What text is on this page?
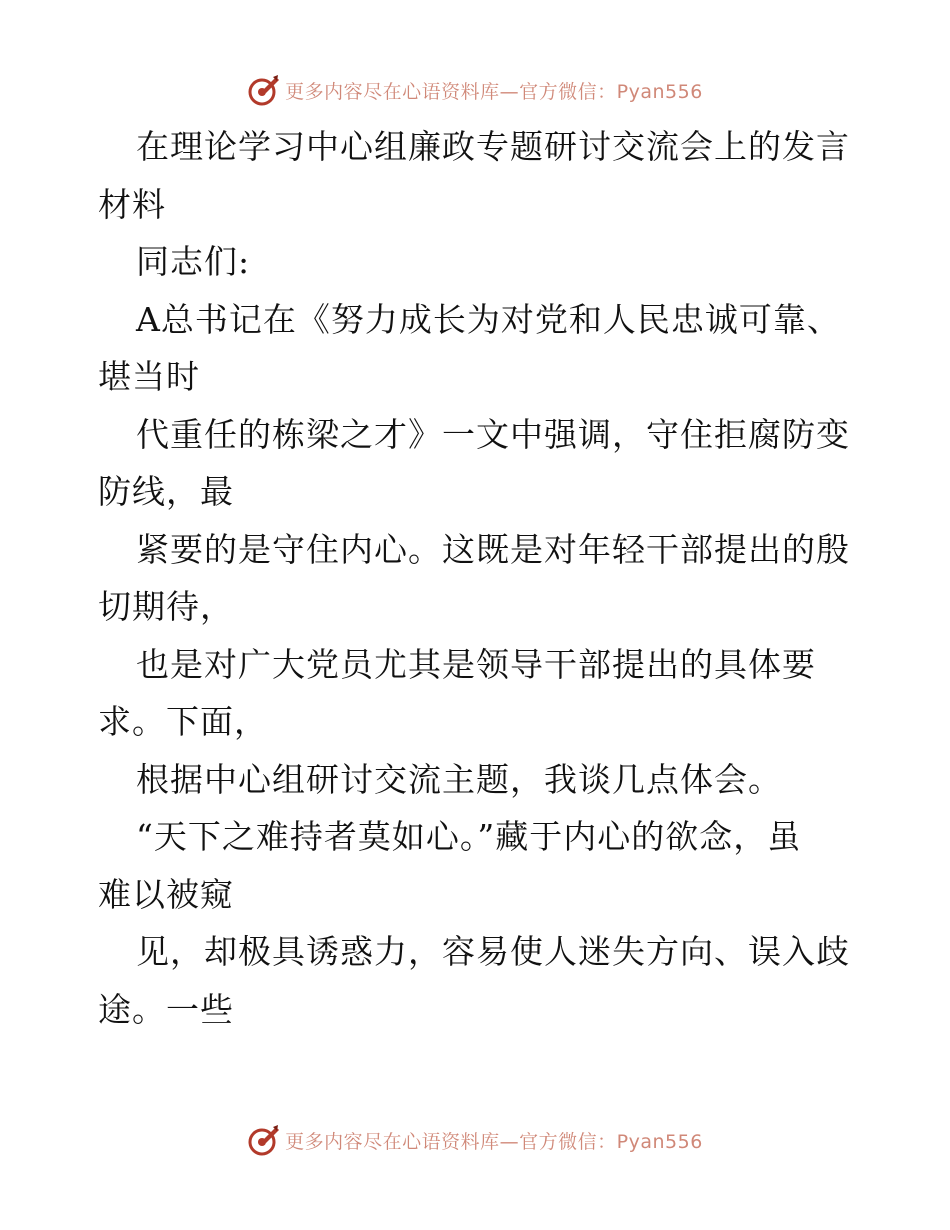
更多内容尽在心语资料库—官方微信：Pyan556
在理论学习中心组廉政专题研讨交流会上的发言
材料
同志们:
A总书记在《努力成长为对党和人民忠诚可靠、
堪当时
代重任的栋梁之才》一文中强调，守住拒腐防变
防线，最
紧要的是守住内心。这既是对年轻干部提出的殷
切期待，
也是对广大党员尤其是领导干部提出的具体要
求。下面，
根据中心组研讨交流主题，我谈几点体会。
“天下之难持者莫如心。”藏于内心的欲念，虽
难以被窥
见，却极具诱惑力，容易使人迷失方向、误入歧
途。一些
更多内容尽在心语资料库—官方微信：Pyan556
